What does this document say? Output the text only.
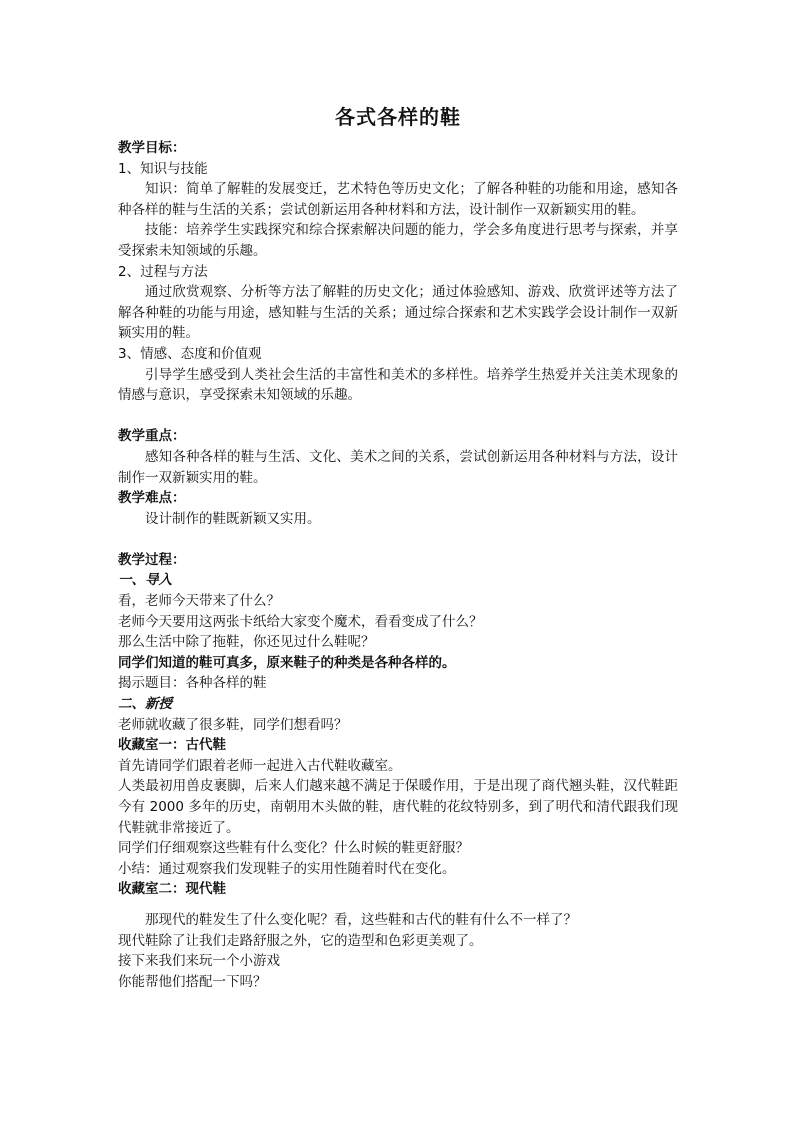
各式各样的鞋

教学目标：

1、知识与技能

知识：简单了解鞋的发展变迁，艺术特色等历史文化；了解各种鞋的功能和用途，感知各种各样的鞋与生活的关系；尝试创新运用各种材料和方法，设计制作一双新颖实用的鞋。

技能：培养学生实践探究和综合探索解决问题的能力，学会多角度进行思考与探索，并享受探索未知领域的乐趣。

2、过程与方法

通过欣赏观察、分析等方法了解鞋的历史文化；通过体验感知、游戏、欣赏评述等方法了解各种鞋的功能与用途，感知鞋与生活的关系；通过综合探索和艺术实践学会设计制作一双新颖实用的鞋。

3、情感、态度和价值观

引导学生感受到人类社会生活的丰富性和美术的多样性。培养学生热爱并关注美术现象的情感与意识，享受探索未知领域的乐趣。

教学重点：

感知各种各样的鞋与生活、文化、美术之间的关系，尝试创新运用各种材料与方法，设计制作一双新颖实用的鞋。

教学难点：

设计制作的鞋既新颖又实用。

教学过程：

一、导入

看，老师今天带来了什么？

老师今天要用这两张卡纸给大家变个魔术，看看变成了什么？

那么生活中除了拖鞋，你还见过什么鞋呢？

同学们知道的鞋可真多，原来鞋子的种类是各种各样的。

揭示题目：各种各样的鞋

二、新授

老师就收藏了很多鞋，同学们想看吗？

收藏室一：古代鞋

首先请同学们跟着老师一起进入古代鞋收藏室。

人类最初用兽皮裹脚，后来人们越来越不满足于保暖作用，于是出现了商代翘头鞋，汉代鞋距今有 2000 多年的历史，南朝用木头做的鞋，唐代鞋的花纹特别多，到了明代和清代跟我们现代鞋就非常接近了。

同学们仔细观察这些鞋有什么变化？什么时候的鞋更舒服？

小结：通过观察我们发现鞋子的实用性随着时代在变化。

收藏室二：现代鞋

那现代的鞋发生了什么变化呢？看，这些鞋和古代的鞋有什么不一样了？

现代鞋除了让我们走路舒服之外，它的造型和色彩更美观了。

接下来我们来玩一个小游戏

你能帮他们搭配一下吗？
